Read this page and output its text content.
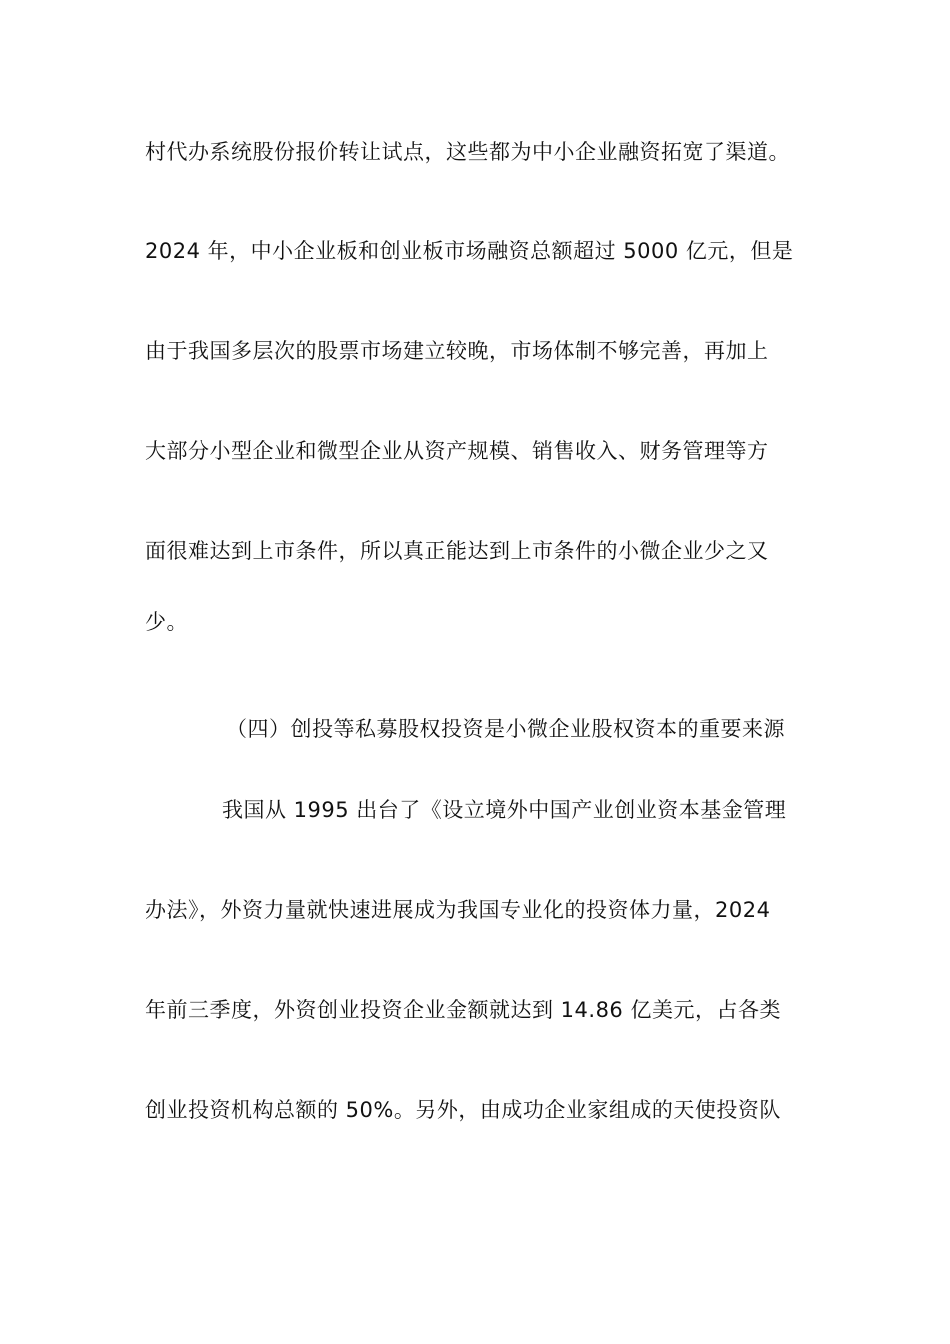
村代办系统股份报价转让试点，这些都为中小企业融资拓宽了渠道。
2024 年，中小企业板和创业板市场融资总额超过 5000 亿元，但是
由于我国多层次的股票市场建立较晚，市场体制不够完善，再加上
大部分小型企业和微型企业从资产规模、销售收入、财务管理等方
面很难达到上市条件，所以真正能达到上市条件的小微企业少之又
少。
（四）创投等私募股权投资是小微企业股权资本的重要来源
我国从 1995 出台了《设立境外中国产业创业资本基金管理
办法》，外资力量就快速进展成为我国专业化的投资体力量，2024
年前三季度，外资创业投资企业金额就达到 14.86 亿美元，占各类
创业投资机构总额的 50%。另外，由成功企业家组成的天使投资队
